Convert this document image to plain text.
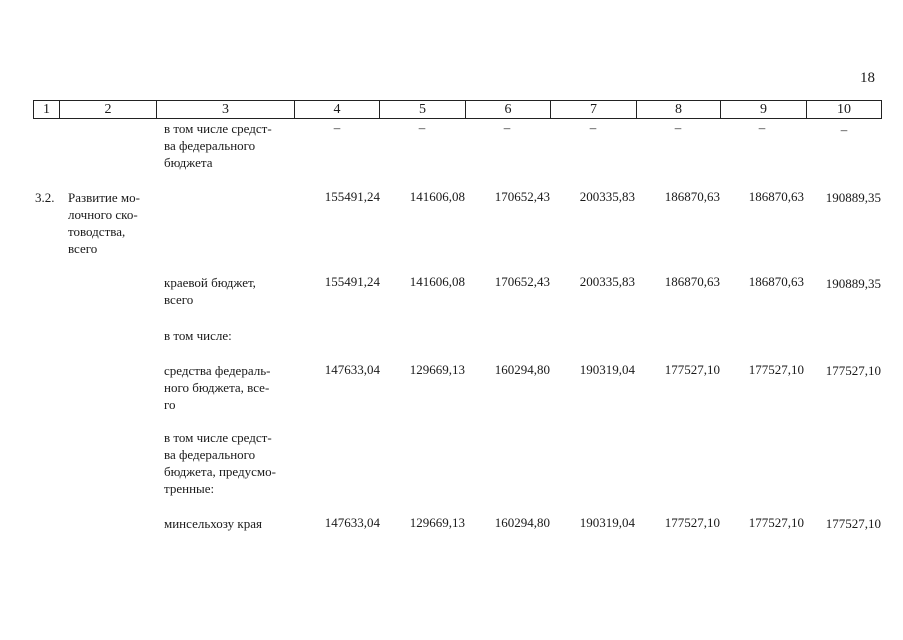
18
1	2	3	4	5	6	7	8	9	10
в том числе средст-
ва федерального
бюджета
–	–	–	–	–	–	–
3.2. Развитие мо-
лочного ско-
товодства,
всего
155491,24	141606,08	170652,43	200335,83	186870,63	186870,63	190889,35
краевой бюджет,
всего
155491,24	141606,08	170652,43	200335,83	186870,63	186870,63	190889,35
в том числе:
средства федераль-
ного бюджета, все-
го
147633,04	129669,13	160294,80	190319,04	177527,10	177527,10	177527,10
в том числе средст-
ва федерального
бюджета, предусмо-
тренные:
минсельхозу края	147633,04	129669,13	160294,80	190319,04	177527,10	177527,10	177527,10
